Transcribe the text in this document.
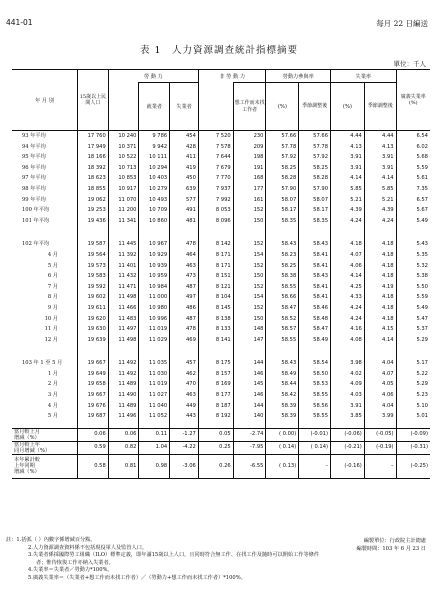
441-01	每月 22 日編送
表 1　人力資源調查統計指標摘要
單位：千人
年 月 別	15歲以上民間人口	勞 動 力			非 勞 動 力		勞動力參與率		失業率		廣義失業率(%)
			就業者	失業者		想工作而未找工作者	(%)	季節調整後	(%)	季節調整後	
93 年平均	17 760	10 240	9 786	454	7 520	230	57.66	57.66	4.44	4.44	6.54
94 年平均	17 949	10 371	9 942	428	7 578	209	57.78	57.78	4.13	4.13	6.02
95 年平均	18 166	10 522	10 111	411	7 644	198	57.92	57.92	3.91	3.91	5.68
96 年平均	18 392	10 713	10 294	419	7 679	191	58.25	58.25	3.91	3.91	5.59
97 年平均	18 623	10 853	10 403	450	7 770	168	58.28	58.28	4.14	4.14	5.61
98 年平均	18 855	10 917	10 279	639	7 937	177	57.90	57.90	5.85	5.85	7.35
99 年平均	19 062	11 070	10 493	577	7 992	161	58.07	58.07	5.21	5.21	6.57
100 年平均	19 253	11 200	10 709	491	8 053	152	58.17	58.17	4.39	4.39	5.67
101 年平均	19 436	11 341	10 860	481	8 096	150	58.35	58.35	4.24	4.24	5.49

102 年平均	19 587	11 445	10 967	478	8 142	152	58.43	58.43	4.18	4.18	5.43
4 月	19 564	11 392	10 929	464	8 171	154	58.23	58.41	4.07	4.18	5.35
5 月	19 573	11 401	10 939	463	8 171	152	58.25	58.41	4.06	4.18	5.32
6 月	19 583	11 432	10 959	473	8 151	150	58.38	58.43	4.14	4.18	5.38
7 月	19 592	11 471	10 984	487	8 121	152	58.55	58.41	4.25	4.19	5.50
8 月	19 602	11 498	11 000	497	8 104	154	58.66	58.41	4.33	4.18	5.59
9 月	19 611	11 466	10 980	486	8 145	152	58.47	58.46	4.24	4.18	5.49
10 月	19 620	11 483	10 996	487	8 138	150	58.52	58.48	4.24	4.18	5.47
11 月	19 630	11 497	11 019	478	8 133	148	58.57	58.47	4.16	4.15	5.37
12 月	19 639	11 498	11 029	469	8 141	147	58.55	58.49	4.08	4.14	5.29

103 年 1 至 5 月	19 667	11 492	11 035	457	8 175	144	58.43	58.54	3.98	4.04	5.17
1 月	19 649	11 492	11 030	462	8 157	146	58.49	58.50	4.02	4.07	5.22
2 月	19 658	11 489	11 019	470	8 169	145	58.44	58.53	4.09	4.05	5.29
3 月	19 667	11 490	11 027	463	8 177	146	58.42	58.55	4.03	4.06	5.23
4 月	19 676	11 489	11 040	449	8 187	144	58.39	58.56	3.91	4.04	5.10
5 月	19 687	11 496	11 052	443	8 192	140	58.39	58.55	3.85	3.99	5.01

當月較上月
增減（%）	0.06	0.06	0.11	-1.27	0.05	-2.74	( 0.00)	(-0.01)	(-0.06)	(-0.05)	(-0.09)

當月較上年
同月增減（%）	0.59	0.82	1.04	-4.22	0.25	-7.95	( 0.14)	( 0.14)	(-0.21)	(-0.19)	(-0.31)

本年累計較
上年同期
增減（%）	0.58	0.81	0.98	-3.06	0.26	-6.55	( 0.13)	–	(-0.16)	–	(-0.25)
註：1.括弧（ ）內數字係增減百分點。
2.人力資源調查資料係不包括現役軍人及監管人口。
3.失業者係採國際勞工組織（ILO）標準定義，即年滿15歲以上人口，且同時符合無工作、在找工作及隨時可以開始工作等條件
者；惟待恢復工作亦納入失業者。
4.失業率＝失業者／勞動力*100%。
5.廣義失業率＝（失業者+想工作而未找工作者）／（勞動力+想工作而未找工作者）*100%。
編製單位：行政院主計總處
編製時間：103 年 6 月 23 日
